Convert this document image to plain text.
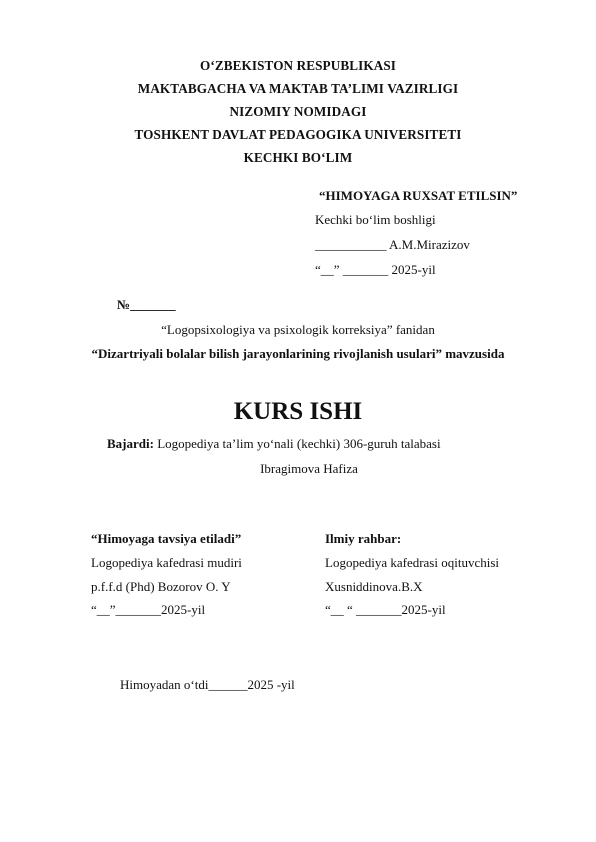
O‘ZBEKISTON RESPUBLIKASI
MAKTABGACHA VA MAKTAB TA’LIMI VAZIRLIGI
NIZOMIY NOMIDAGI
TOSHKENT DAVLAT PEDAGOGIKA UNIVERSITETI
KECHKI BO‘LIM
“HIMOYAGA RUXSAT ETILSIN”
Kechki bo‘lim boshligi
___________ A.M.Mirazizov
“__” _______ 2025-yil
№_______
“Logopsixologiya va psixologik korreksiya” fanidan
“Dizartriyali bolalar bilish jarayonlarining rivojlanish usulari” mavzusida
KURS ISHI
Bajardi: Logopediya ta’lim yo‘nali (kechki) 306-guruh talabasi
Ibragimova Hafiza
“Himoyaga tavsiya etiladi”
Logopediya kafedrasi mudiri
p.f.f.d (Phd) Bozorov O. Y
“__”_______2025-yil
Ilmiy rahbar:
Logopediya kafedrasi oqituvchisi
Xusniddinova.B.X
“__ “ _______2025-yil
Himoyadan o‘tdi______2025 -yil
